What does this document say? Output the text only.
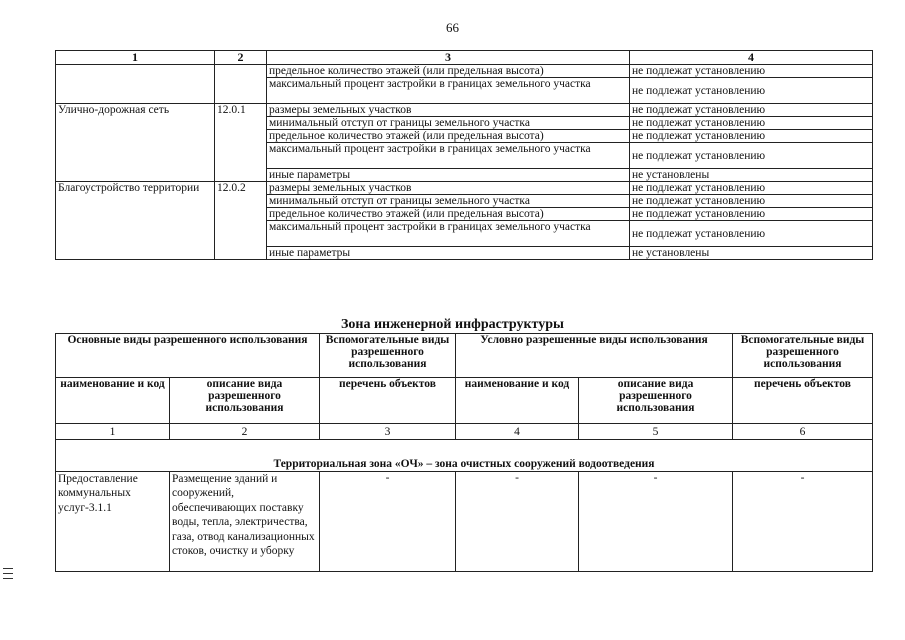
66
1	2	3	4
		предельное количество этажей (или предельная высота)	не подлежат установлению
		максимальный процент застройки в границах земельного участка	не подлежат установлению
Улично-дорожная сеть	12.0.1	размеры земельных участков	не подлежат установлению
		минимальный отступ от границы земельного участка	не подлежат установлению
		предельное количество этажей (или предельная высота)	не подлежат установлению
		максимальный процент застройки в границах земельного участка	не подлежат установлению
		иные параметры	не установлены
Благоустройство территории	12.0.2	размеры земельных участков	не подлежат установлению
		минимальный отступ от границы земельного участка	не подлежат установлению
		предельное количество этажей (или предельная высота)	не подлежат установлению
		максимальный процент застройки в границах земельного участка	не подлежат установлению
		иные параметры	не установлены
Зона инженерной инфраструктуры
Основные виды разрешенного использования		Вспомогательные виды разрешенного использования	Условно разрешенные виды использования		Вспомогательные виды разрешенного использования
наименование и код	описание вида разрешенного использования	перечень объектов	наименование и код	описание вида разрешенного использования	перечень объектов
1	2	3	4	5	6
Территориальная зона «ОЧ» – зона очистных сооружений водоотведения					
Предоставление коммунальных услуг-3.1.1	Размещение зданий и сооружений, обеспечивающих поставку воды, тепла, электричества, газа, отвод канализационных стоков, очистку и уборку	-	-	-	-
